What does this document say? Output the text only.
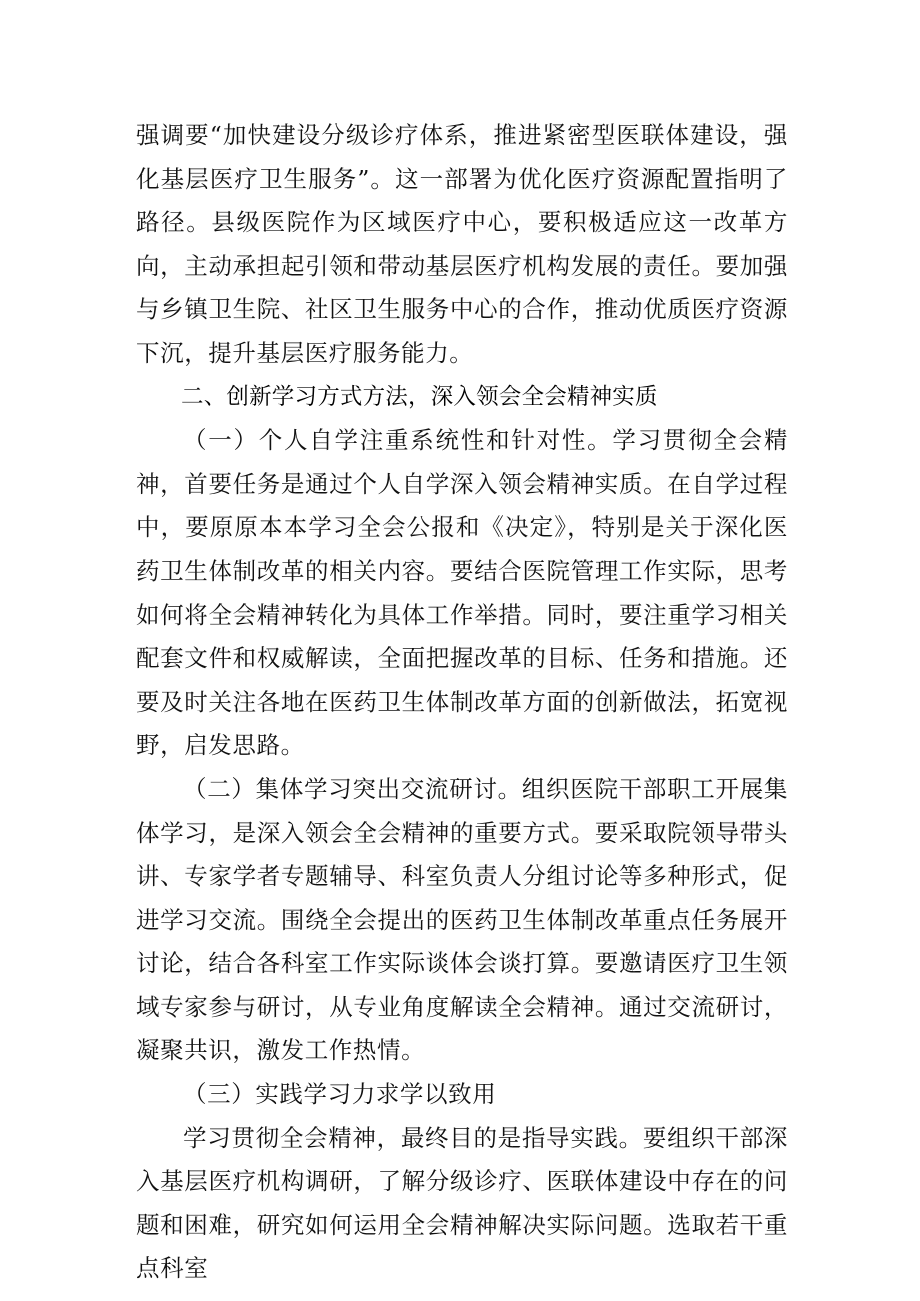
强调要“加快建设分级诊疗体系，推进紧密型医联体建设，强化基层医疗卫生服务”。这一部署为优化医疗资源配置指明了路径。县级医院作为区域医疗中心，要积极适应这一改革方向，主动承担起引领和带动基层医疗机构发展的责任。要加强与乡镇卫生院、社区卫生服务中心的合作，推动优质医疗资源下沉，提升基层医疗服务能力。

二、创新学习方式方法，深入领会全会精神实质

（一）个人自学注重系统性和针对性。学习贯彻全会精神，首要任务是通过个人自学深入领会精神实质。在自学过程中，要原原本本学习全会公报和《决定》，特别是关于深化医药卫生体制改革的相关内容。要结合医院管理工作实际，思考如何将全会精神转化为具体工作举措。同时，要注重学习相关配套文件和权威解读，全面把握改革的目标、任务和措施。还要及时关注各地在医药卫生体制改革方面的创新做法，拓宽视野，启发思路。

（二）集体学习突出交流研讨。组织医院干部职工开展集体学习，是深入领会全会精神的重要方式。要采取院领导带头讲、专家学者专题辅导、科室负责人分组讨论等多种形式，促进学习交流。围绕全会提出的医药卫生体制改革重点任务展开讨论，结合各科室工作实际谈体会谈打算。要邀请医疗卫生领域专家参与研讨，从专业角度解读全会精神。通过交流研讨，凝聚共识，激发工作热情。

（三）实践学习力求学以致用

学习贯彻全会精神，最终目的是指导实践。要组织干部深入基层医疗机构调研，了解分级诊疗、医联体建设中存在的问题和困难，研究如何运用全会精神解决实际问题。选取若干重点科室
